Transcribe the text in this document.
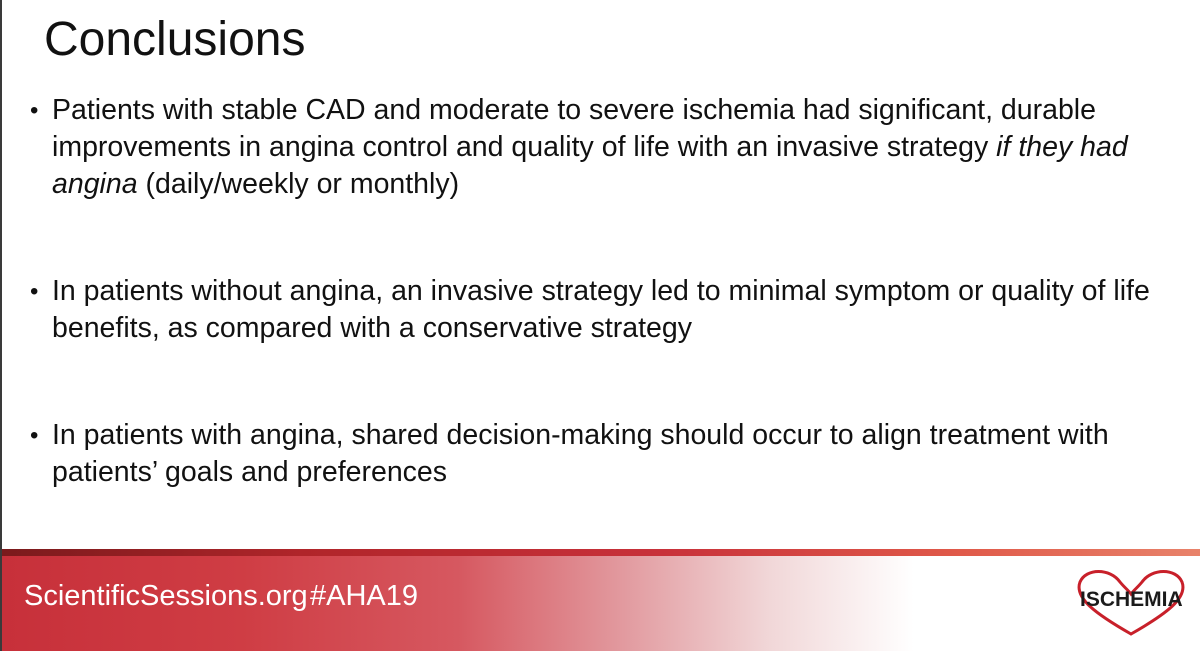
Conclusions
• Patients with stable CAD and moderate to severe ischemia had significant, durable improvements in angina control and quality of life with an invasive strategy if they had angina (daily/weekly or monthly)
• In patients without angina, an invasive strategy led to minimal symptom or quality of life benefits, as compared with a conservative strategy
• In patients with angina, shared decision-making should occur to align treatment with patients’ goals and preferences
ScientificSessions.org #AHA19	ISCHEMIA
